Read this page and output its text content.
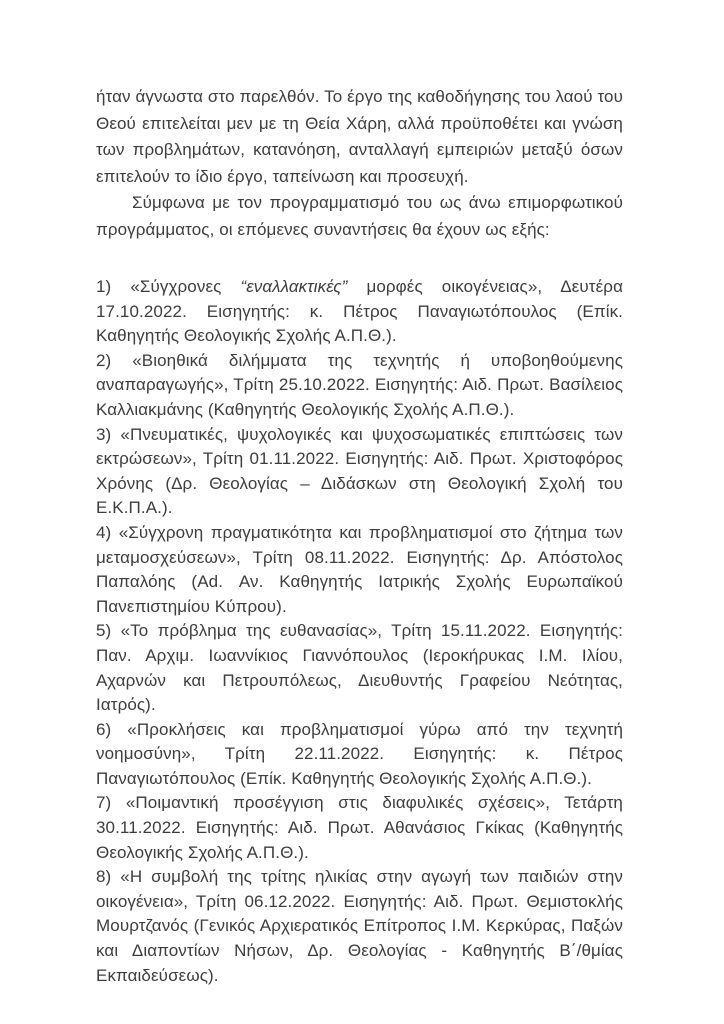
ήταν άγνωστα στο παρελθόν. Το έργο της καθοδήγησης του λαού του Θεού επιτελείται μεν με τη Θεία Χάρη, αλλά προϋποθέτει και γνώση των προβλημάτων, κατανόηση, ανταλλαγή εμπειριών μεταξύ όσων επιτελούν το ίδιο έργο, ταπείνωση και προσευχή.

Σύμφωνα με τον προγραμματισμό του ως άνω επιμορφωτικού προγράμματος, οι επόμενες συναντήσεις θα έχουν ως εξής:

1) «Σύγχρονες “εναλλακτικές” μορφές οικογένειας», Δευτέρα 17.10.2022. Εισηγητής: κ. Πέτρος Παναγιωτόπουλος (Επίκ. Καθηγητής Θεολογικής Σχολής Α.Π.Θ.).

2) «Βιοηθικά διλήμματα της τεχνητής ή υποβοηθούμενης αναπαραγωγής», Τρίτη 25.10.2022. Εισηγητής: Αιδ. Πρωτ. Βασίλειος Καλλιακμάνης (Καθηγητής Θεολογικής Σχολής Α.Π.Θ.).

3) «Πνευματικές, ψυχολογικές και ψυχοσωματικές επιπτώσεις των εκτρώσεων», Τρίτη 01.11.2022. Εισηγητής: Αιδ. Πρωτ. Χριστοφόρος Χρόνης (Δρ. Θεολογίας – Διδάσκων στη Θεολογική Σχολή του Ε.Κ.Π.Α.).

4) «Σύγχρονη πραγματικότητα και προβληματισμοί στο ζήτημα των μεταμοσχεύσεων», Τρίτη 08.11.2022. Εισηγητής: Δρ. Απόστολος Παπαλόης (Ad. Αν. Καθηγητής Ιατρικής Σχολής Ευρωπαϊκού Πανεπιστημίου Κύπρου).

5) «Το πρόβλημα της ευθανασίας», Τρίτη 15.11.2022. Εισηγητής: Παν. Αρχιμ. Ιωαννίκιος Γιαννόπουλος (Ιεροκήρυκας Ι.Μ. Ιλίου, Αχαρνών και Πετρουπόλεως, Διευθυντής Γραφείου Νεότητας, Ιατρός).

6) «Προκλήσεις και προβληματισμοί γύρω από την τεχνητή νοημοσύνη», Τρίτη 22.11.2022. Εισηγητής: κ. Πέτρος Παναγιωτόπουλος (Επίκ. Καθηγητής Θεολογικής Σχολής Α.Π.Θ.).

7) «Ποιμαντική προσέγγιση στις διαφυλικές σχέσεις», Τετάρτη 30.11.2022. Εισηγητής: Αιδ. Πρωτ. Αθανάσιος Γκίκας (Καθηγητής Θεολογικής Σχολής Α.Π.Θ.).

8) «Η συμβολή της τρίτης ηλικίας στην αγωγή των παιδιών στην οικογένεια», Τρίτη 06.12.2022. Εισηγητής: Αιδ. Πρωτ. Θεμιστοκλής Μουρτζανός (Γενικός Αρχιερατικός Επίτροπος Ι.Μ. Κερκύρας, Παξών και Διαποντίων Νήσων, Δρ. Θεολογίας - Καθηγητής Β΄/θμίας Εκπαιδεύσεως).
